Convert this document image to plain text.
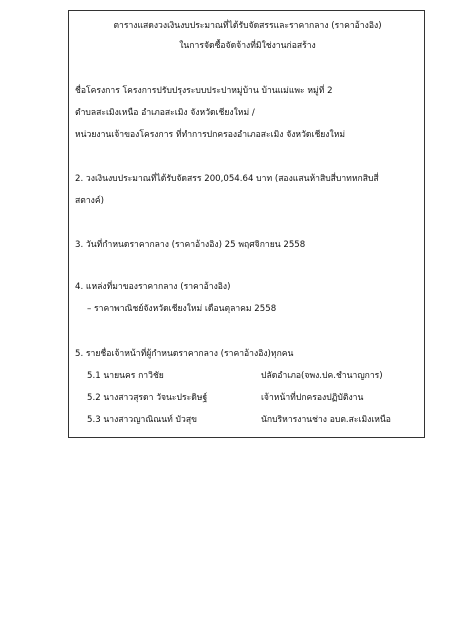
ตารางแสดงวงเงินงบประมาณที่ได้รับจัดสรรและราคากลาง (ราคาอ้างอิง)
ในการจัดซื้อจัดจ้างที่มิใช่งานก่อสร้าง
ชื่อโครงการ โครงการปรับปรุงระบบประปาหมู่บ้าน บ้านแม่แพะ หมู่ที่ 2
ตำบลสะเมิงเหนือ อำเภอสะเมิง จังหวัดเชียงใหม่ /
หน่วยงานเจ้าของโครงการ ที่ทำการปกครองอำเภอสะเมิง จังหวัดเชียงใหม่
2. วงเงินงบประมาณที่ได้รับจัดสรร 200,054.64 บาท (สองแสนห้าสิบสี่บาทหกสิบสี่
สตางค์)
3. วันที่กำหนดราคากลาง (ราคาอ้างอิง) 25 พฤศจิกายน 2558
4. แหล่งที่มาของราคากลาง (ราคาอ้างอิง)
– ราคาพาณิชย์จังหวัดเชียงใหม่ เดือนตุลาคม 2558
5. รายชื่อเจ้าหน้าที่ผู้กำหนดราคากลาง (ราคาอ้างอิง)ทุกคน
5.1 นายนคร กาวิชัย	ปลัดอำเภอ(จพง.ปค.ชำนาญการ)
5.2 นางสาวสุรดา วัจนะประดิษฐ์	เจ้าหน้าที่ปกครองปฏิบัติงาน
5.3 นางสาวญาณิณนท์ บัวสุข	นักบริหารงานช่าง อบต.สะเมิงเหนือ
